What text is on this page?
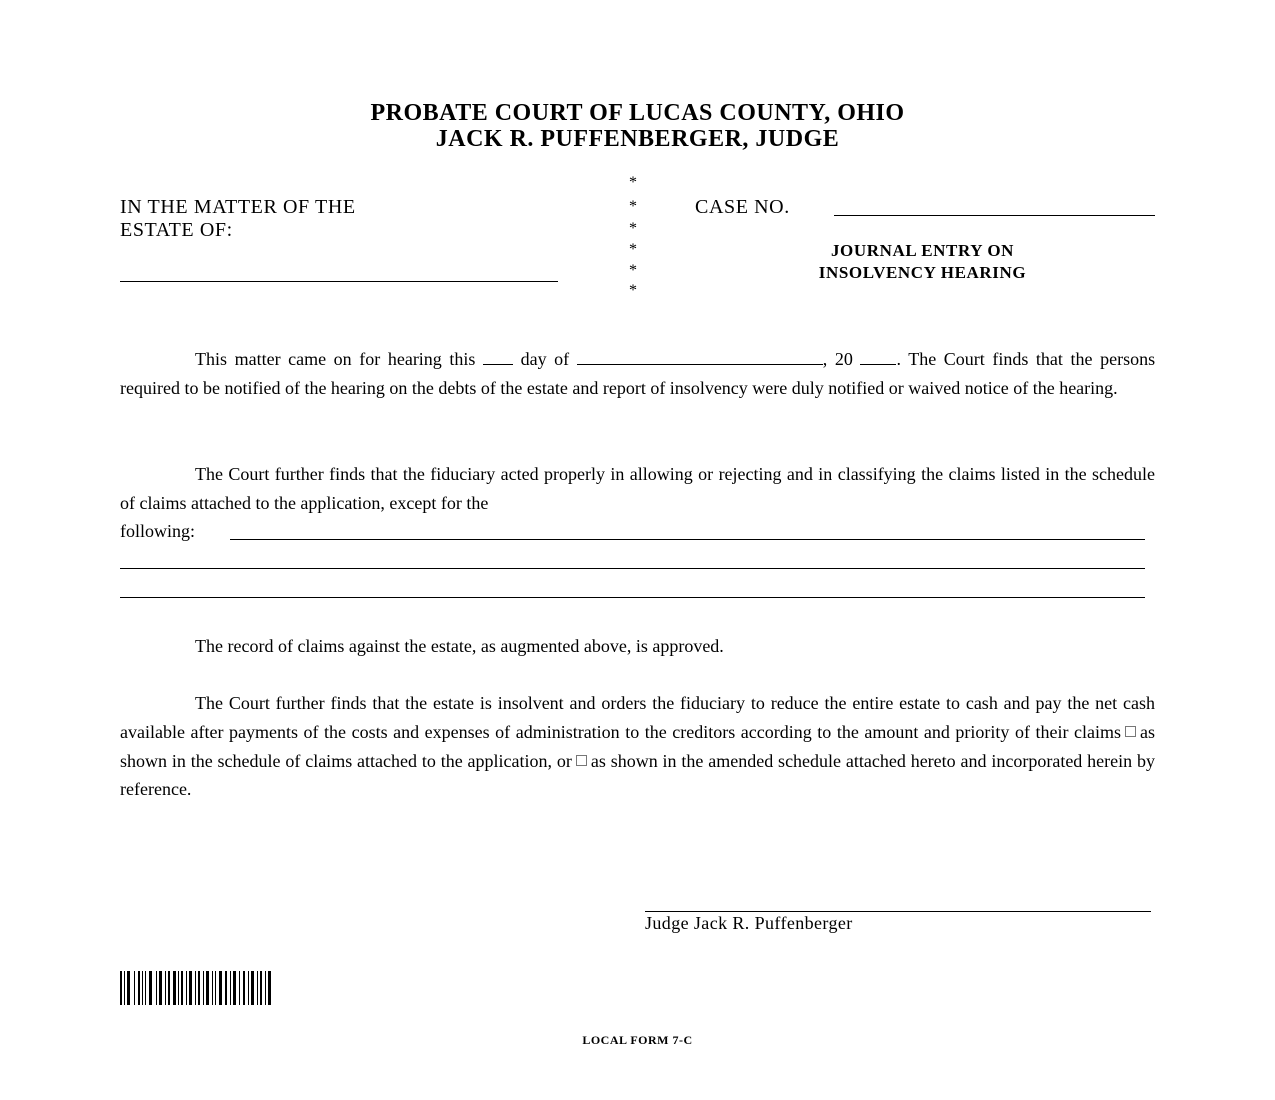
PROBATE COURT OF LUCAS COUNTY, OHIO
JACK R. PUFFENBERGER, JUDGE
IN THE MATTER OF THE
ESTATE OF:
*
*
*
*
*
*
CASE NO.
JOURNAL ENTRY ON
INSOLVENCY HEARING
This matter came on for hearing this	day of	, 20 . The Court finds that the persons required to be notified of the hearing on the debts of the estate and report of insolvency were duly notified or waived notice of the hearing.
The Court further finds that the fiduciary acted properly in allowing or rejecting and in classifying the claims listed in the schedule of claims attached to the application, except for the
following:
The record of claims against the estate, as augmented above, is approved.
The Court further finds that the estate is insolvent and orders the fiduciary to reduce the entire estate to cash and pay the net cash available after payments of the costs and expenses of administration to the creditors according to the amount and priority of their claims as shown in the schedule of claims attached to the application, or as shown in the amended schedule attached hereto and incorporated herein by reference.
Judge Jack R. Puffenberger
LOCAL FORM 7-C
